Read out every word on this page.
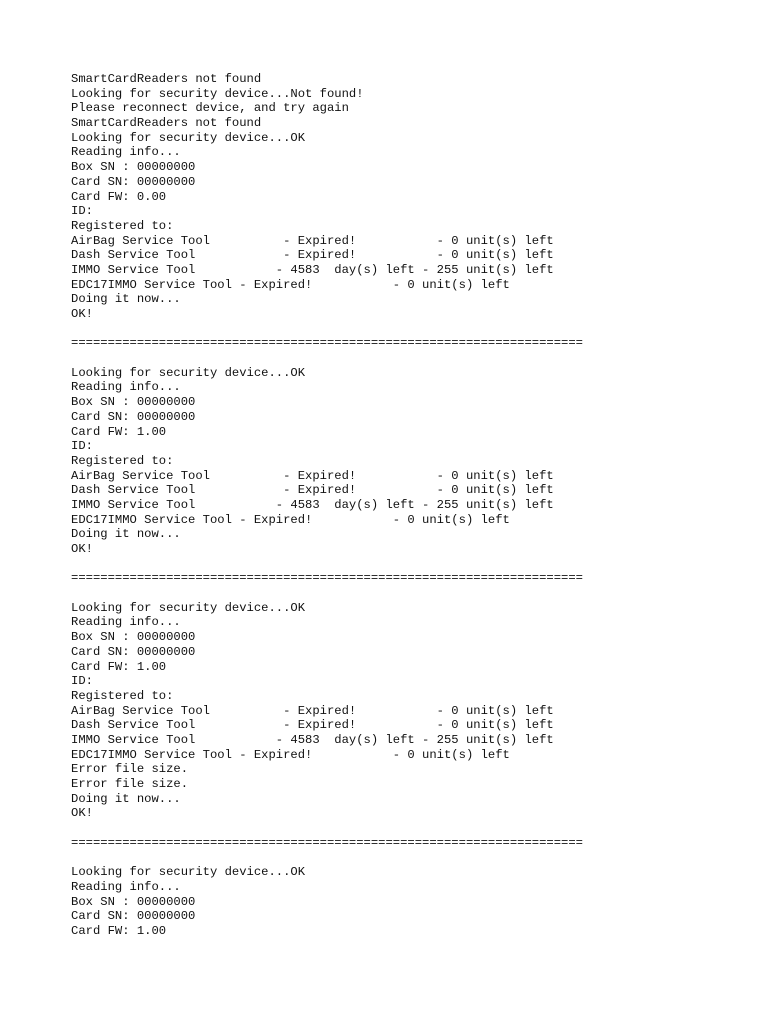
SmartCardReaders not found
Looking for security device...Not found!
Please reconnect device, and try again
SmartCardReaders not found
Looking for security device...OK
Reading info...
Box SN : 00000000
Card SN: 00000000
Card FW: 0.00
ID:
Registered to:
AirBag Service Tool          - Expired!           - 0 unit(s) left
Dash Service Tool            - Expired!           - 0 unit(s) left
IMMO Service Tool           - 4583  day(s) left - 255 unit(s) left
EDC17IMMO Service Tool - Expired!           - 0 unit(s) left
Doing it now...
OK!
======================================================================
Looking for security device...OK
Reading info...
Box SN : 00000000
Card SN: 00000000
Card FW: 1.00
ID:
Registered to:
AirBag Service Tool          - Expired!           - 0 unit(s) left
Dash Service Tool            - Expired!           - 0 unit(s) left
IMMO Service Tool           - 4583  day(s) left - 255 unit(s) left
EDC17IMMO Service Tool - Expired!           - 0 unit(s) left
Doing it now...
OK!
======================================================================
Looking for security device...OK
Reading info...
Box SN : 00000000
Card SN: 00000000
Card FW: 1.00
ID:
Registered to:
AirBag Service Tool          - Expired!           - 0 unit(s) left
Dash Service Tool            - Expired!           - 0 unit(s) left
IMMO Service Tool           - 4583  day(s) left - 255 unit(s) left
EDC17IMMO Service Tool - Expired!           - 0 unit(s) left
Error file size.
Error file size.
Doing it now...
OK!
======================================================================
Looking for security device...OK
Reading info...
Box SN : 00000000
Card SN: 00000000
Card FW: 1.00
